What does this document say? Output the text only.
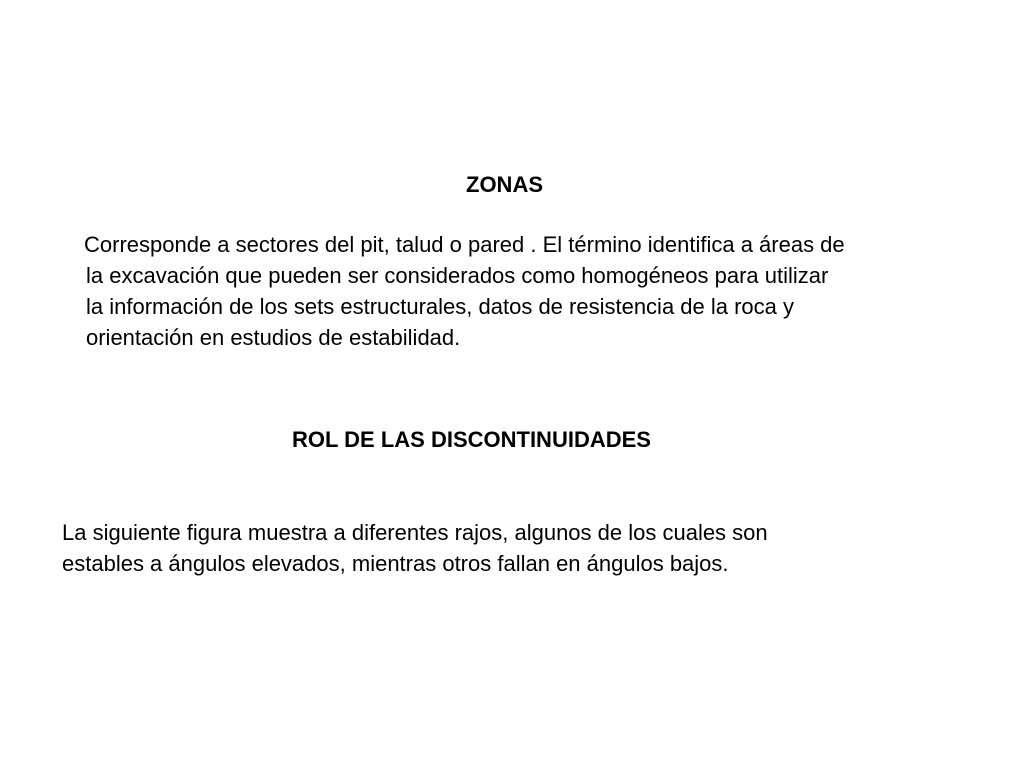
ZONAS
Corresponde a sectores del pit, talud o pared . El término identifica a áreas de
la excavación que pueden ser considerados como homogéneos para utilizar
la información de los sets estructurales, datos de resistencia de la roca y
orientación en estudios de estabilidad.
ROL DE LAS DISCONTINUIDADES
La siguiente figura muestra a diferentes rajos, algunos de los cuales son
estables a ángulos elevados, mientras otros fallan en ángulos bajos.
